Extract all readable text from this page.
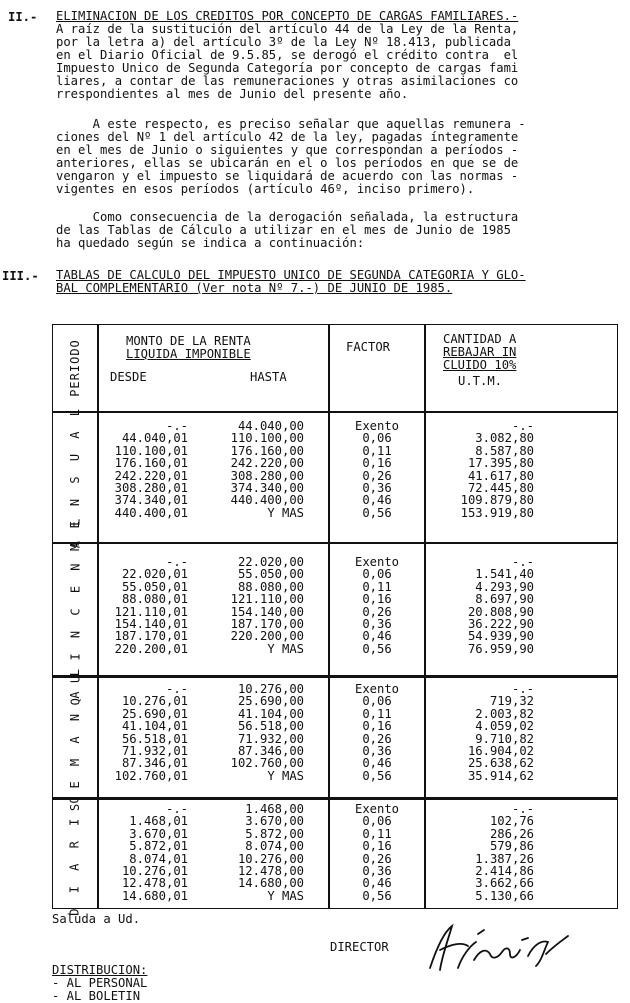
II.- ELIMINACION DE LOS CREDITOS POR CONCEPTO DE CARGAS FAMILIARES.-
A raíz de la sustitución del artículo 44 de la Ley de la Renta,
por la letra a) del artículo 3º de la Ley Nº 18.413, publicada
en el Diario Oficial de 9.5.85, se derogó el crédito contra  el
Impuesto Unico de Segunda Categoría por concepto de cargas fami
liares, a contar de las remuneraciones y otras asimilaciones co
rrespondientes al mes de Junio del presente año.
A este respecto, es preciso señalar que aquellas remunera -
ciones del Nº 1 del artículo 42 de la ley, pagadas íntegramente
en el mes de Junio o siguientes y que correspondan a períodos -
anteriores, ellas se ubicarán en el o los períodos en que se de
vengaron y el impuesto se liquidará de acuerdo con las normas -
vigentes en esos períodos (artículo 46º, inciso primero).
Como consecuencia de la derogación señalada, la estructura
de las Tablas de Cálculo a utilizar en el mes de Junio de 1985
ha quedado según se indica a continuación:
III.- TABLAS DE CALCULO DEL IMPUESTO UNICO DE SEGUNDA CATEGORIA Y GLO-
BAL COMPLEMENTARIO (Ver nota Nº 7.-) DE JUNIO DE 1985.
PERIODO	MONTO DE LA RENTA
LIQUIDA IMPONIBLE
DESDE	HASTA
FACTOR
CANTIDAD A
REBAJAR IN
CLUIDO 10%
U.T.M.
M E N S U A L	-.-	44.040,00	Exento	-.-
44.040,01	110.100,00	0,06	3.082,80
110.100,01	176.160,00	0,11	8.587,80
176.160,01	242.220,00	0,16	17.395,80
242.220,01	308.280,00	0,26	41.617,80
308.280,01	374.340,00	0,36	72.445,80
374.340,01	440.400,00	0,46	109.879,80
440.400,01	Y MAS	0,56	153.919,80
Q U I N C E N A L	-.-	22.020,00	Exento	-.-
22.020,01	55.050,00	0,06	1.541,40
55.050,01	88.080,00	0,11	4.293,90
88.080,01	121.110,00	0,16	8.697,90
121.110,01	154.140,00	0,26	20.808,90
154.140,01	187.170,00	0,36	36.222,90
187.170,01	220.200,00	0,46	54.939,90
220.200,01	Y MAS	0,56	76.959,90
S E M A N A L	-.-	10.276,00	Exento	-.-
10.276,01	25.690,00	0,06	719,32
25.690,01	41.104,00	0,11	2.003,82
41.104,01	56.518,00	0,16	4.059,02
56.518,01	71.932,00	0,26	9.710,82
71.932,01	87.346,00	0,36	16.904,02
87.346,01	102.760,00	0,46	25.638,62
102.760,01	Y MAS	0,56	35.914,62
D I A R I O	-.-	1.468,00	Exento	-.-
1.468,01	3.670,00	0,06	102,76
3.670,01	5.872,00	0,11	286,26
5.872,01	8.074,00	0,16	579,86
8.074,01	10.276,00	0,26	1.387,26
10.276,01	12.478,00	0,36	2.414,86
12.478,01	14.680,00	0,46	3.662,66
14.680,01	Y MAS	0,56	5.130,66
Saluda a Ud.
DIRECTOR
DISTRIBUCION:
- AL PERSONAL
- AL BOLETIN
